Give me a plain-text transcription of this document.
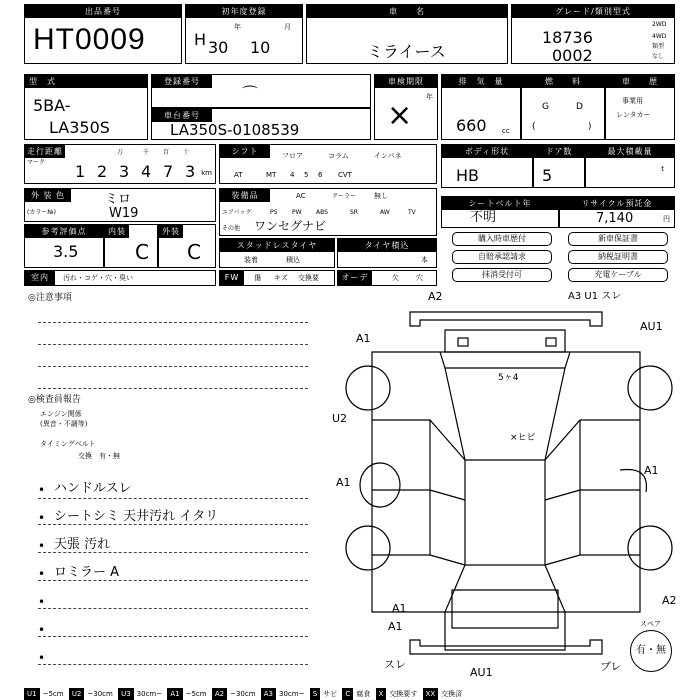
出品番号
HT0009
初年度登録
H 30
年
10
月
車　　名
ミライース
グレード/類別型式
18736
0002
2WD
4WD
類型
なし
型　式
5BA-
LA350S
登録番号
⌒
車台番号
LA350S-0108539
車検期限
年
×
排　気　量
660 cc
燃　　料
G	D
(	)
車　　歴
事業用
レンタカー
走行距離
マーク
万	千 百 十
1 2 3 4 7 3 km
シフト	フロア	コラム	インパネ
AT	MT 4 5 6 CVT
ボディ形状
HB
ドア数
5
最大積載量
t
外 装 色
(カラー№)
ミロ
W19
装備品	AC	クーラー	無し
エアバッグ	PS PW ABS	SR	AW	TV
その他 ワンセグナビ
シートベルト年
不明
リサイクル預託金
7,140	円
参考評価点
3.5
内装
C
外装
C	スタッドレスタイヤ
装着	積込
タイヤ積込
本
購入時車歴付
自賠承認請求
抹消受付可
新車保証書
納税証明書
充電ケーブル
室内	汚れ・コゲ・穴・臭い	FW	傷 キズ 交換要	オーディオ
欠 穴
◎注意事項
◎検査員報告
エンジン関係
(異音・不調等)
タイミングベルト
交換　有・無
•
•
•
•
•
•
•
ハンドルスレ
シートシミ 天井汚れ イタリ
天張 汚れ
ロミラー A
A2	A3 U1 スレ
A1
AU1
U2
A1
A1
A2
A1
A1
スレ
AU1	ブレ
5ヶ4
×ヒビ
スペア
有・無
U1 ~5cm U2 ~30cm U3 30cm~ A1 ~5cm A2 ~30cm A3 30cm~ S サビ C 腐食 X 交換要す XX 交換済
